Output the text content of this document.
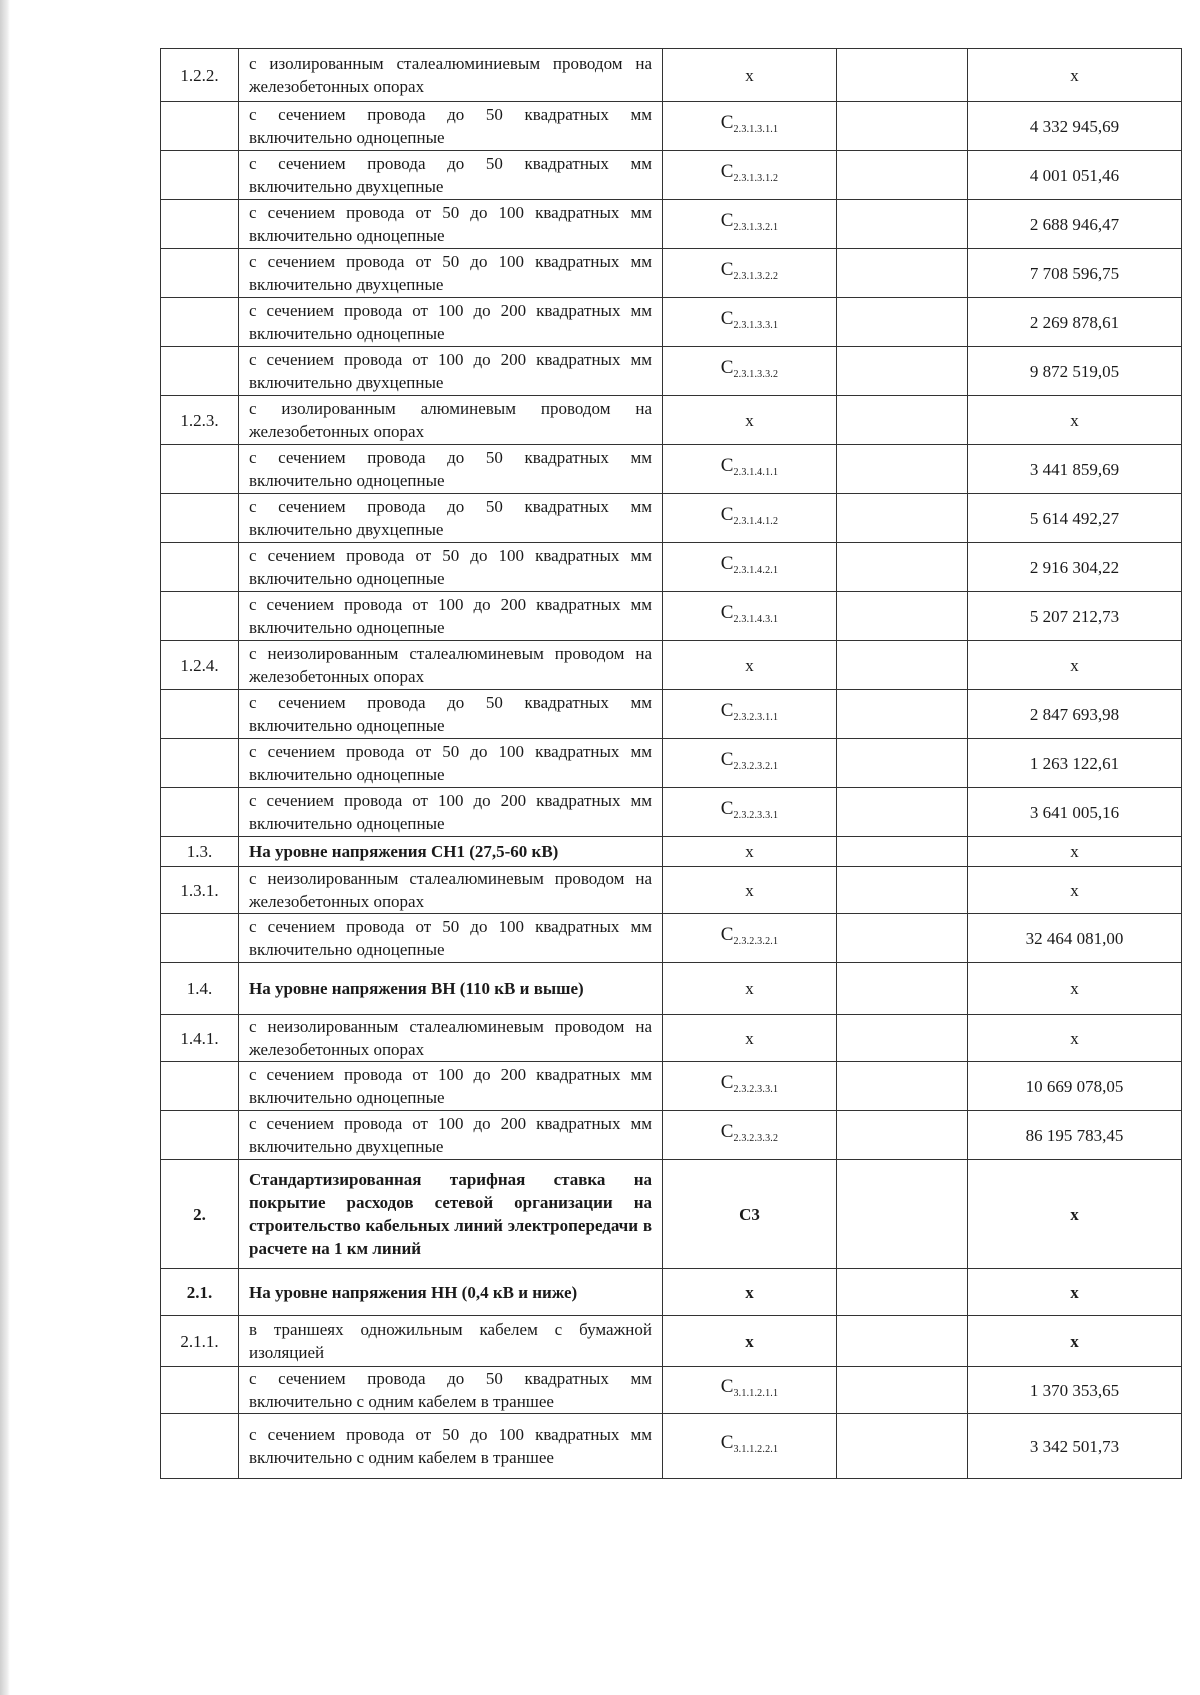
1.2.2.	с изолированным сталеалюминиевым проводом на железобетонных опорах	x		x
	с сечением провода до 50 квадратных мм включительно одноцепные	$C_{2.3.1.3.1.1}$		4 332 945,69
	с сечением провода до 50 квадратных мм включительно двухцепные	$C_{2.3.1.3.1.2}$		4 001 051,46
	с сечением провода от 50 до 100 квадратных мм включительно одноцепные	$C_{2.3.1.3.2.1}$		2 688 946,47
	с сечением провода от 50 до 100 квадратных мм включительно двухцепные	$C_{2.3.1.3.2.2}$		7 708 596,75
	с сечением провода от 100 до 200 квадратных мм включительно одноцепные	$C_{2.3.1.3.3.1}$		2 269 878,61
	с сечением провода от 100 до 200 квадратных мм включительно двухцепные	$C_{2.3.1.3.3.2}$		9 872 519,05
1.2.3.	с изолированным алюминевым проводом на железобетонных опорах	x		x
	с сечением провода до 50 квадратных мм включительно одноцепные	$C_{2.3.1.4.1.1}$		3 441 859,69
	с сечением провода до 50 квадратных мм включительно двухцепные	$C_{2.3.1.4.1.2}$		5 614 492,27
	с сечением провода от 50 до 100 квадратных мм включительно одноцепные	$C_{2.3.1.4.2.1}$		2 916 304,22
	с сечением провода от 100 до 200 квадратных мм включительно одноцепные	$C_{2.3.1.4.3.1}$		5 207 212,73
1.2.4.	с неизолированным сталеалюминевым проводом на железобетонных опорах	x		x
	с сечением провода до 50 квадратных мм включительно одноцепные	$C_{2.3.2.3.1.1}$		2 847 693,98
	с сечением провода от 50 до 100 квадратных мм включительно одноцепные	$C_{2.3.2.3.2.1}$		1 263 122,61
	с сечением провода от 100 до 200 квадратных мм включительно одноцепные	$C_{2.3.2.3.3.1}$		3 641 005,16
1.3.	На уровне напряжения СН1 (27,5-60 кВ)	x		x
1.3.1.	с неизолированным сталеалюминевым проводом на железобетонных опорах	x		x
	с сечением провода от 50 до 100 квадратных мм включительно одноцепные	$C_{2.3.2.3.2.1}$		32 464 081,00
1.4.	На уровне напряжения ВН (110 кВ и выше)	x		x
1.4.1.	с неизолированным сталеалюминевым проводом на железобетонных опорах	x		x
	с сечением провода от 100 до 200 квадратных мм включительно одноцепные	$C_{2.3.2.3.3.1}$		10 669 078,05
	с сечением провода от 100 до 200 квадратных мм включительно двухцепные	$C_{2.3.2.3.3.2}$		86 195 783,45
2.	Стандартизированная тарифная ставка на покрытие расходов сетевой организации на строительство кабельных линий электропередачи в расчете на 1 км линий	C3		x
2.1.	На уровне напряжения НН (0,4 кВ и ниже)	x		x
2.1.1.	в траншеях одножильным кабелем с бумажной изоляцией	x		x
	с сечением провода до 50 квадратных мм включительно с одним кабелем в траншее	$C_{3.1.1.2.1.1}$		1 370 353,65
	с сечением провода от 50 до 100 квадратных мм включительно с одним кабелем в траншее	$C_{3.1.1.2.2.1}$		3 342 501,73
